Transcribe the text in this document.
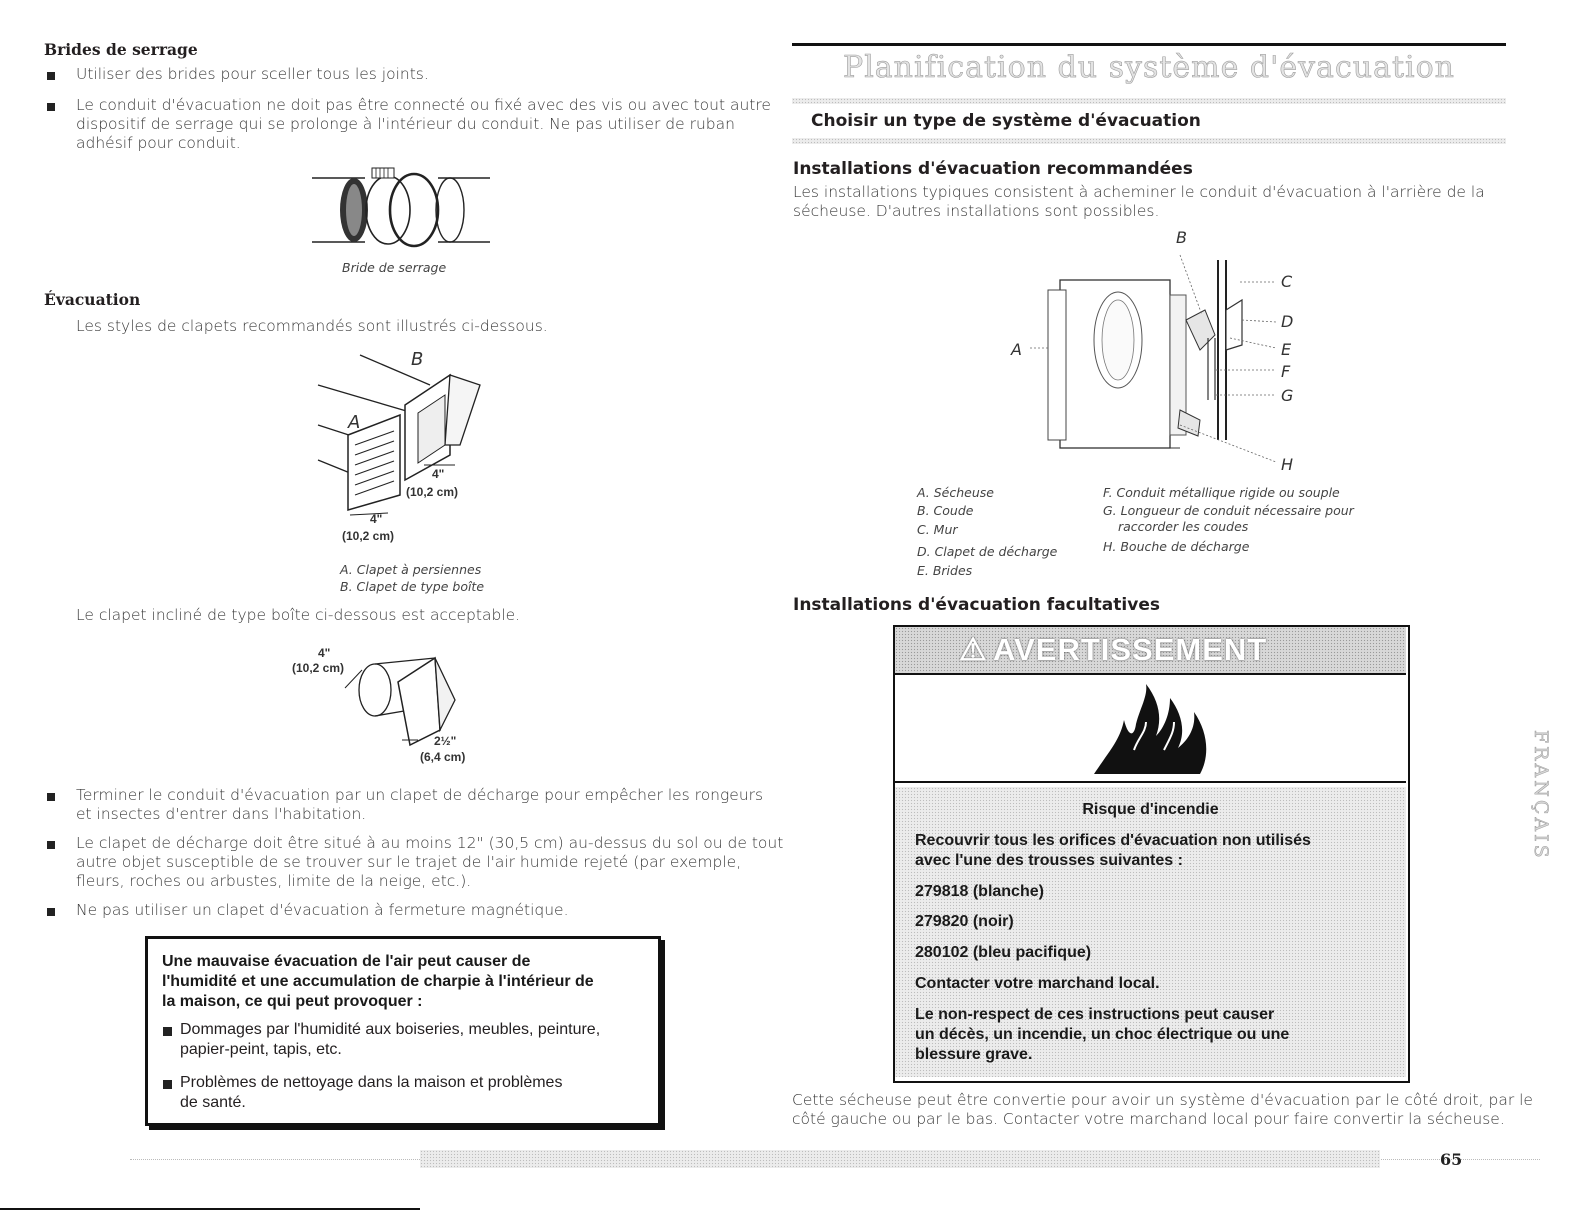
Brides de serrage
Utiliser des brides pour sceller tous les joints.
Le conduit d'évacuation ne doit pas être connecté ou fixé avec des vis ou avec tout autre
dispositif de serrage qui se prolonge à l'intérieur du conduit. Ne pas utiliser de ruban
adhésif pour conduit.
Bride de serrage
Évacuation
Les styles de clapets recommandés sont illustrés ci-dessous.
B
A
4"
(10,2 cm)
4"
(10,2 cm)
A. Clapet à persiennes
B. Clapet de type boîte
Le clapet incliné de type boîte ci-dessous est acceptable.
4"
(10,2 cm)
2½"
(6,4 cm)
Terminer le conduit d'évacuation par un clapet de décharge pour empêcher les rongeurs
et insectes d'entrer dans l'habitation.
Le clapet de décharge doit être situé à au moins 12" (30,5 cm) au-dessus du sol ou de tout
autre objet susceptible de se trouver sur le trajet de l'air humide rejeté (par exemple,
fleurs, roches ou arbustes, limite de la neige, etc.).
Ne pas utiliser un clapet d'évacuation à fermeture magnétique.
Une mauvaise évacuation de l'air peut causer de
l'humidité et une accumulation de charpie à l'intérieur de
la maison, ce qui peut provoquer :
Dommages par l'humidité aux boiseries, meubles, peinture,
papier-peint, tapis, etc.
Problèmes de nettoyage dans la maison et problèmes
de santé.
Planification du système d'évacuation
Choisir un type de système d'évacuation
Installations d'évacuation recommandées
Les installations typiques consistent à acheminer le conduit d'évacuation à l'arrière de la
sécheuse. D'autres installations sont possibles.
B
A
C
D
E
F
G
H
A. Sécheuse
B. Coude
C. Mur
D. Clapet de décharge
E. Brides
F. Conduit métallique rigide ou souple
G. Longueur de conduit nécessaire pour
raccorder les coudes
H. Bouche de décharge
Installations d'évacuation facultatives
⚠ AVERTISSEMENT
Risque d'incendie
Recouvrir tous les orifices d'évacuation non utilisés
avec l'une des trousses suivantes :
279818 (blanche)
279820 (noir)
280102 (bleu pacifique)
Contacter votre marchand local.
Le non-respect de ces instructions peut causer
un décès, un incendie, un choc électrique ou une
blessure grave.
Cette sécheuse peut être convertie pour avoir un système d'évacuation par le côté droit, par le
côté gauche ou par le bas. Contacter votre marchand local pour faire convertir la sécheuse.
65
FRANÇAIS
